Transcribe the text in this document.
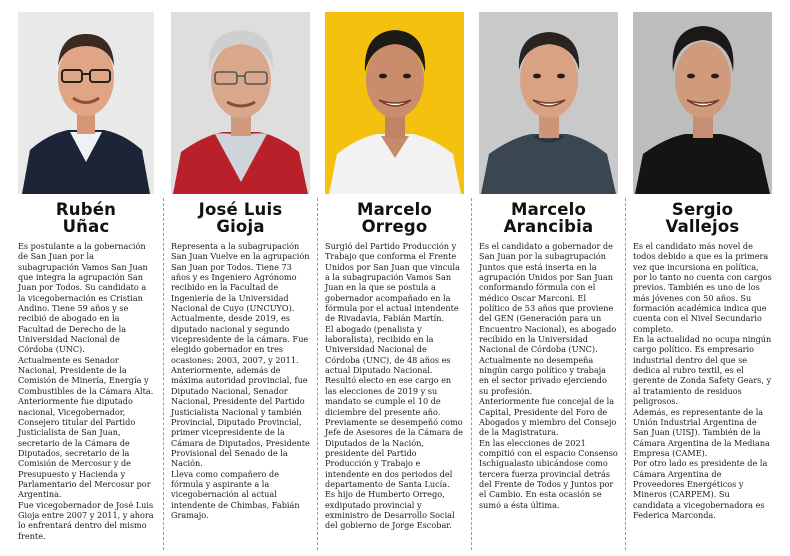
Rubén
Uñac

Es postulante a la gobernación de San Juan por la subagrupación Vamos San Juan que integra la agrupación San Juan por Todos. Su candidato a la vicegobernación es Cristian Andino. Tiene 59 años y se recibió de abogado en la Facultad de Derecho de la Universidad Nacional de Córdoba (UNC).

Actualmente es Senador Nacional, Presidente de la Comisión de Minería, Energía y Combustibles de la Cámara Alta.

Anteriormente fue diputado nacional, Vicegobernador, Consejero titular del Partido Justicialista de San Juan, secretario de la Cámara de Diputados, secretario de la Comisión de Mercosur y de Presupuesto y Hacienda y Parlamentario del Mercosur por Argentina.

Fue vicegobernador de José Luis Gioja entre 2007 y 2011, y ahora lo enfrentará dentro del mismo frente.

José Luis
Gioja

Representa a la subagrupación San Juan Vuelve en la agrupación San Juan por Todos. Tiene 73 años y es Ingeniero Agrónomo recibido en la Facultad de Ingeniería de la Universidad Nacional de Cuyo (UNCUYO).

Actualmente, desde 2019, es diputado nacional y segundo vicepresidente de la cámara. Fue elegido gobernador en tres ocasiones: 2003, 2007, y 2011.

Anteriormente, además de máxima autoridad provincial, fue Diputado Nacional, Senador Nacional, Presidente del Partido Justicialista Nacional y también Provincial, Diputado Provincial, primer vicepresidente de la Cámara de Diputados, Presidente Provisional del Senado de la Nación.

Lleva como compañero de fórmula y aspirante a la vicegobernación al actual intendente de Chimbas, Fabián Gramajo.

Marcelo
Orrego

Surgió del Partido Producción y Trabajo que conforma el Frente Unidos por San Juan que vincula a la subagrupación Vamos San Juan en la que se postula a gobernador acompañado en la fórmula por el actual intendente de Rivadavia, Fabián Martín.

El abogado (penalista y laboralista), recibido en la Universidad Nacional de Córdoba (UNC), de 48 años es actual Diputado Nacional. Resultó electo en ese cargo en las elecciones de 2019 y su mandato se cumple el 10 de diciembre del presente año.

Previamente se desempeñó como Jefe de Asesores de la Cámara de Diputados de la Nación, presidente del Partido Producción y Trabajo e intendente en dos periodos del departamento de Santa Lucía.

Es hijo de Humberto Orrego, exdiputado provincial y exministro de Desarrollo Social del gobierno de Jorge Escobar.

Marcelo
Arancibia

Es el candidato a gobernador de San Juan por la subagrupación Juntos que está inserta en la agrupación Unidos por San Juan conformando fórmula con el médico Oscar Marconi. El político de 53 años que proviene del GEN (Generación para un Encuentro Nacional), es abogado recibido en la Universidad Nacional de Córdoba (UNC). Actualmente no desempeña ningún cargo político y trabaja en el sector privado ejerciendo su profesión.

Anteriormente fue concejal de la Capital, Presidente del Foro de Abogados y miembro del Consejo de la Magistratura.

En las elecciones de 2021 compitió con el espacio Consenso Ischigualasto ubicándose como tercera fuerza provincial detrás del Frente de Todos y Juntos por el Cambio. En esta ocasión se sumó a ésta última.

Sergio
Vallejos

Es el candidato más novel de todos debido a que es la primera vez que incursiona en política, por lo tanto no cuenta con cargos previos. También es uno de los más jóvenes con 50 años. Su formación académica indica que cuenta con el Nivel Secundario completo.

En la actualidad no ocupa ningún cargo político. Es empresario industrial dentro del que se dedica al rubro textil, es el gerente de Zonda Safety Gears, y al tratamiento de residuos peligrosos.

Además, es representante de la Unión Industrial Argentina de San Juan (UISJ). También de la Cámara Argentina de la Mediana Empresa (CAME).

Por otro lado es presidente de la Cámara Argentina de Proveedores Energéticos y Mineros (CARPEM). Su candidata a vicegobernadora es Federica Marconda.
